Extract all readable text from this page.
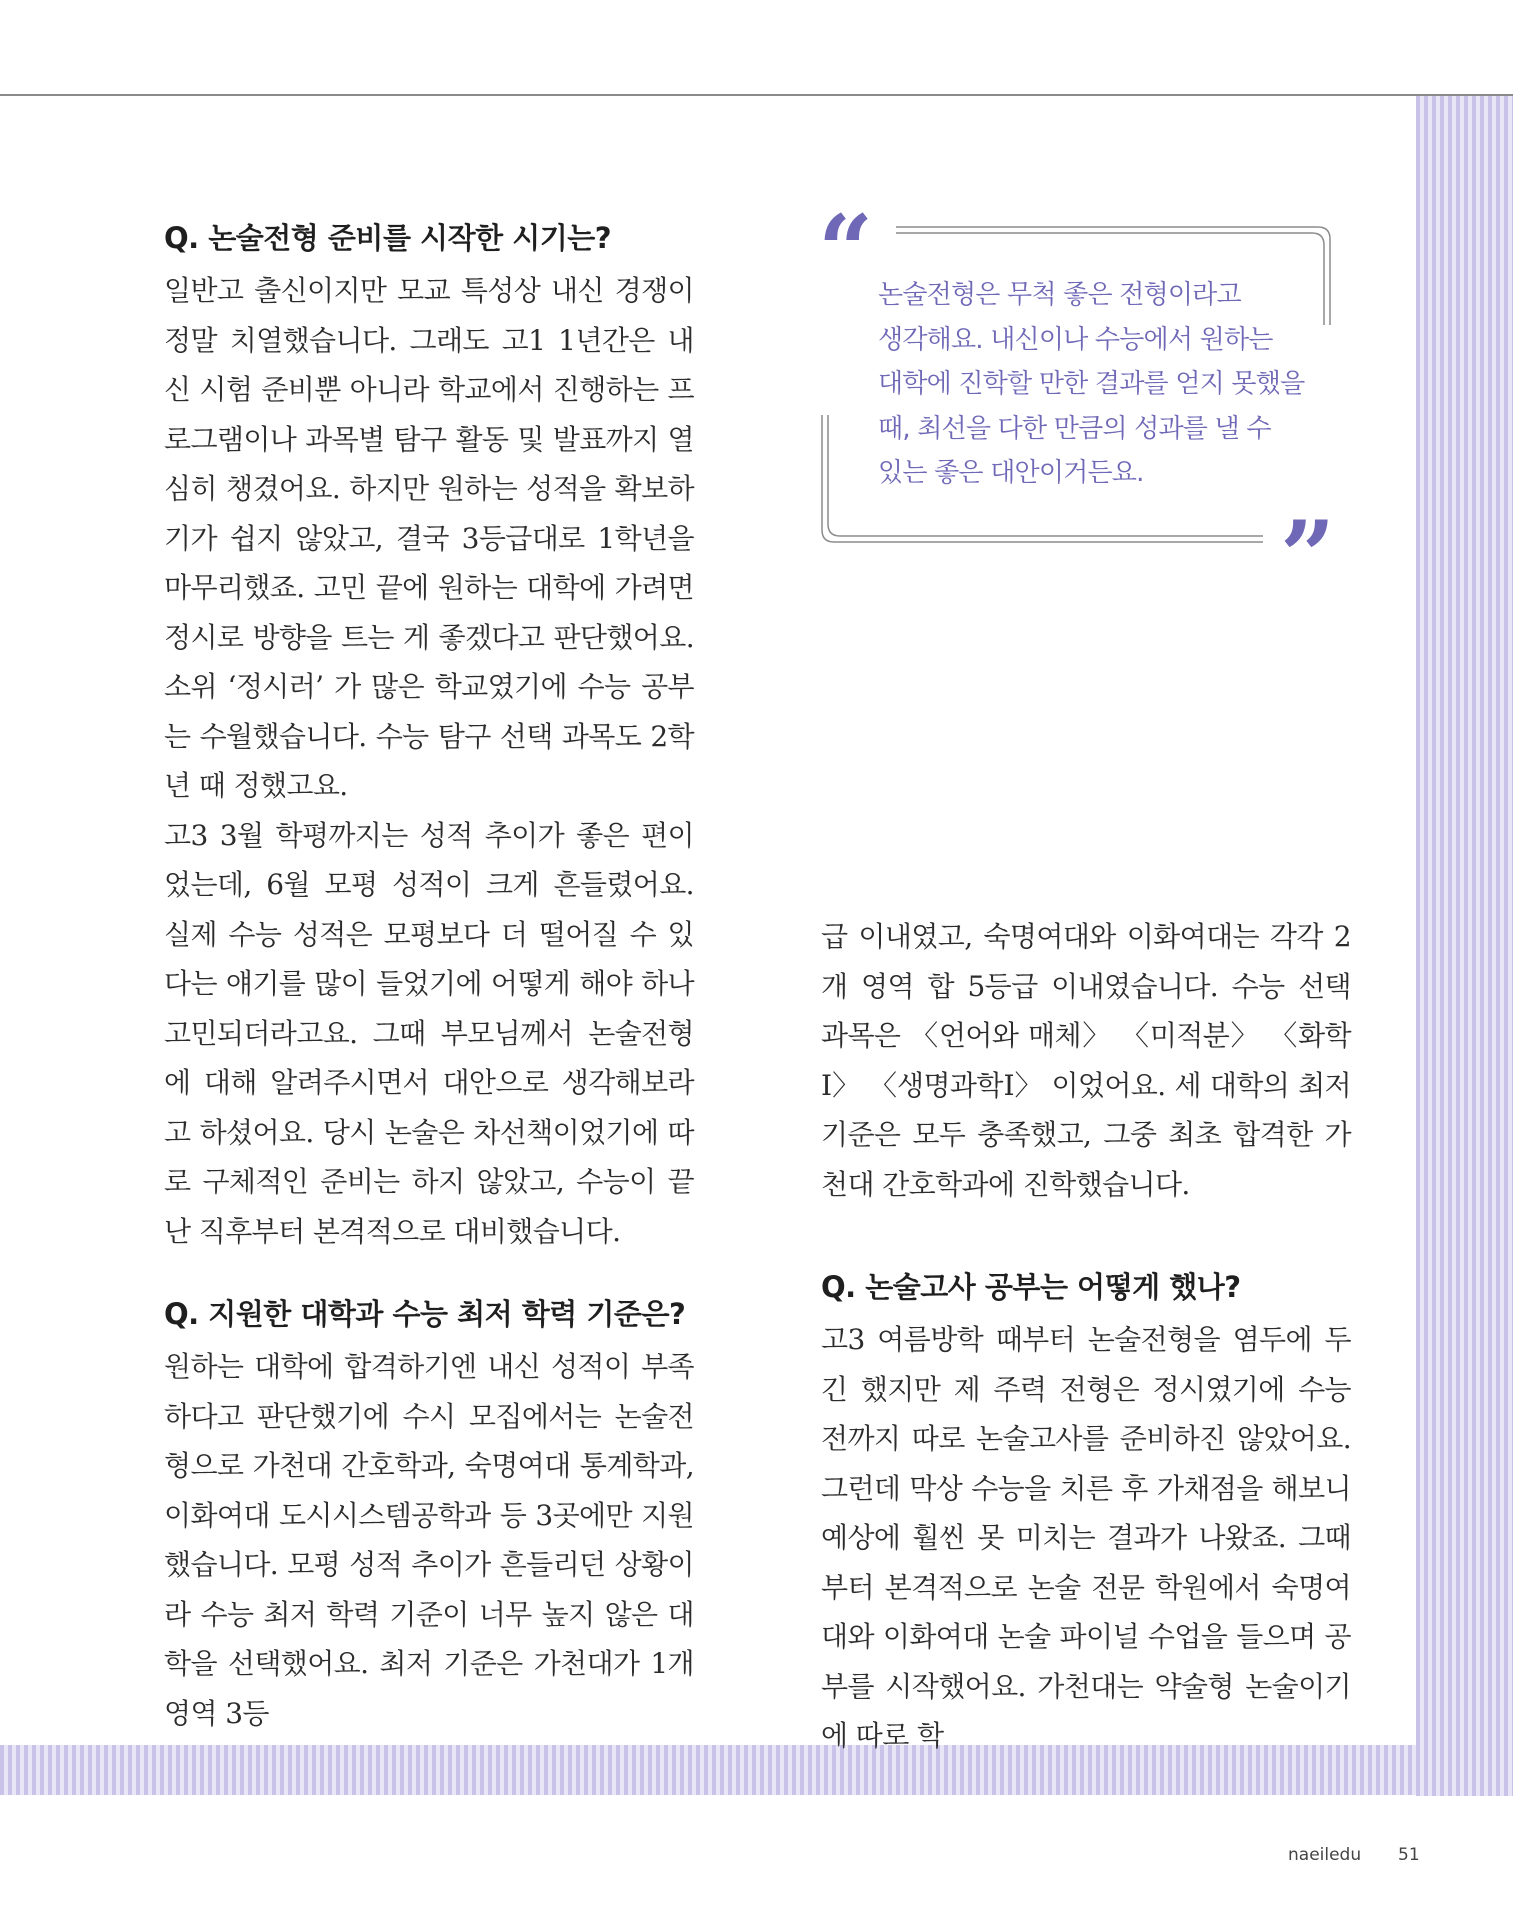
Q. 논술전형 준비를 시작한 시기는?

일반고 출신이지만 모교 특성상 내신 경쟁이 정말 치열했습니다. 그래도 고1 1년간은 내신 시험 준비뿐 아니라 학교에서 진행하는 프로그램이나 과목별 탐구 활동 및 발표까지 열심히 챙겼어요. 하지만 원하는 성적을 확보하기가 쉽지 않았고, 결국 3등급대로 1학년을 마무리했죠. 고민 끝에 원하는 대학에 가려면 정시로 방향을 트는 게 좋겠다고 판단했어요. 소위 ‘정시러’ 가 많은 학교였기에 수능 공부는 수월했습니다. 수능 탐구 선택 과목도 2학년 때 정했고요.

고3 3월 학평까지는 성적 추이가 좋은 편이었는데, 6월 모평 성적이 크게 흔들렸어요. 실제 수능 성적은 모평보다 더 떨어질 수 있다는 얘기를 많이 들었기에 어떻게 해야 하나 고민되더라고요. 그때 부모님께서 논술전형에 대해 알려주시면서 대안으로 생각해보라고 하셨어요. 당시 논술은 차선책이었기에 따로 구체적인 준비는 하지 않았고, 수능이 끝난 직후부터 본격적으로 대비했습니다.

Q. 지원한 대학과 수능 최저 학력 기준은?

원하는 대학에 합격하기엔 내신 성적이 부족하다고 판단했기에 수시 모집에서는 논술전형으로 가천대 간호학과, 숙명여대 통계학과, 이화여대 도시시스템공학과 등 3곳에만 지원했습니다. 모평 성적 추이가 흔들리던 상황이라 수능 최저 학력 기준이 너무 높지 않은 대학을 선택했어요. 최저 기준은 가천대가 1개 영역 3등

“
”

논술전형은 무척 좋은 전형이라고
생각해요. 내신이나 수능에서 원하는
대학에 진학할 만한 결과를 얻지 못했을
때, 최선을 다한 만큼의 성과를 낼 수
있는 좋은 대안이거든요.

급 이내였고, 숙명여대와 이화여대는 각각 2개 영역 합 5등급 이내였습니다. 수능 선택 과목은 〈언어와 매체〉 〈미적분〉 〈화학Ⅰ〉 〈생명과학Ⅰ〉 이었어요. 세 대학의 최저 기준은 모두 충족했고, 그중 최초 합격한 가천대 간호학과에 진학했습니다.

Q. 논술고사 공부는 어떻게 했나?

고3 여름방학 때부터 논술전형을 염두에 두긴 했지만 제 주력 전형은 정시였기에 수능 전까지 따로 논술고사를 준비하진 않았어요. 그런데 막상 수능을 치른 후 가채점을 해보니 예상에 훨씬 못 미치는 결과가 나왔죠. 그때부터 본격적으로 논술 전문 학원에서 숙명여대와 이화여대 논술 파이널 수업을 들으며 공부를 시작했어요. 가천대는 약술형 논술이기에 따로 학

naeiledu 51
